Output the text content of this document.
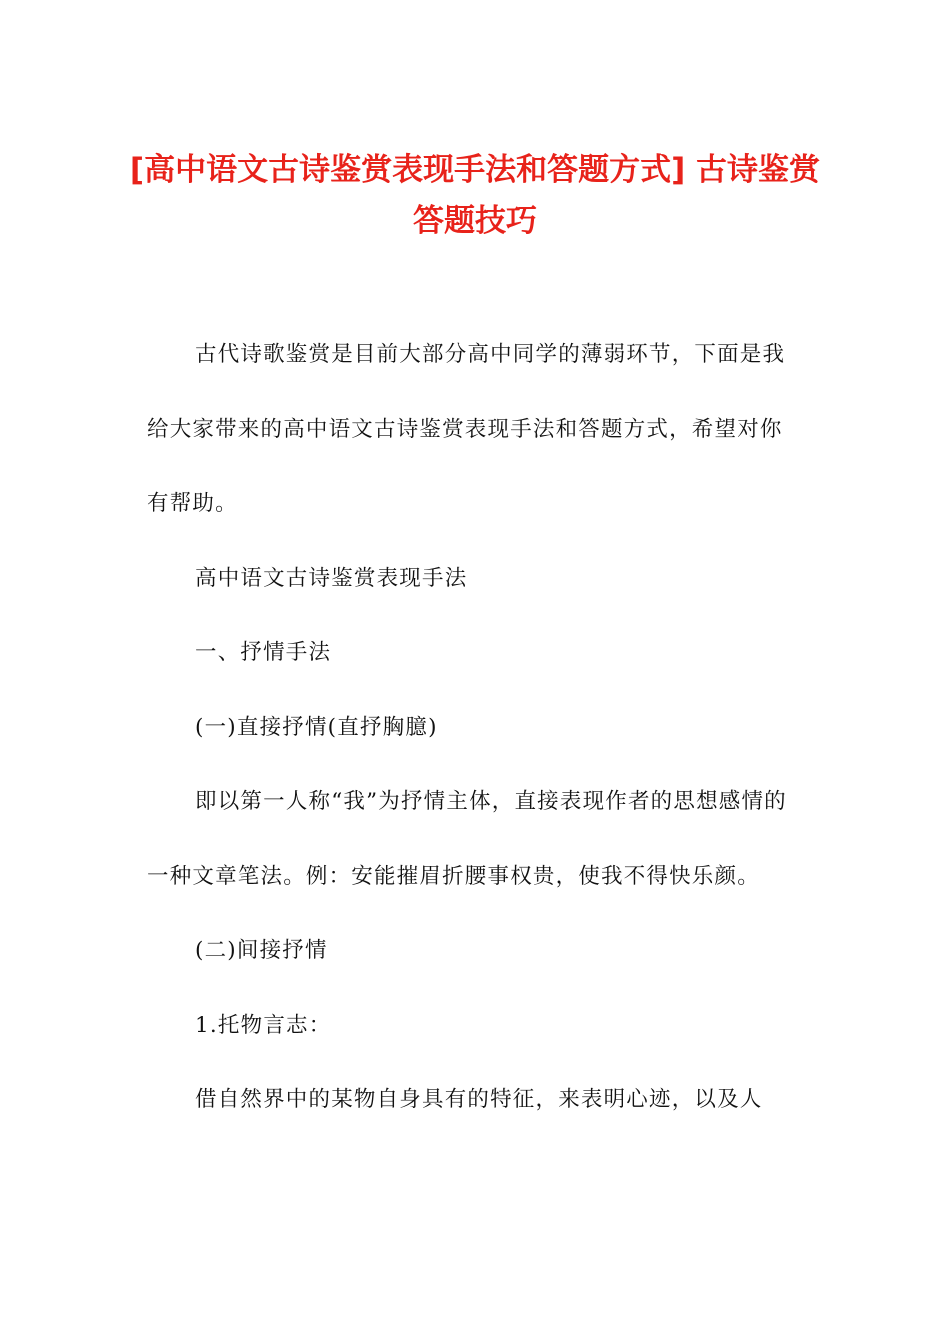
[高中语文古诗鉴赏表现手法和答题方式] 古诗鉴赏答题技巧

古代诗歌鉴赏是目前大部分高中同学的薄弱环节，下面是我给大家带来的高中语文古诗鉴赏表现手法和答题方式，希望对你有帮助。

高中语文古诗鉴赏表现手法

一、抒情手法

(一)直接抒情(直抒胸臆)

即以第一人称“我”为抒情主体，直接表现作者的思想感情的一种文章笔法。例：安能摧眉折腰事权贵，使我不得快乐颜。

(二)间接抒情

1.托物言志：

借自然界中的某物自身具有的特征，来表明心迹，以及人
